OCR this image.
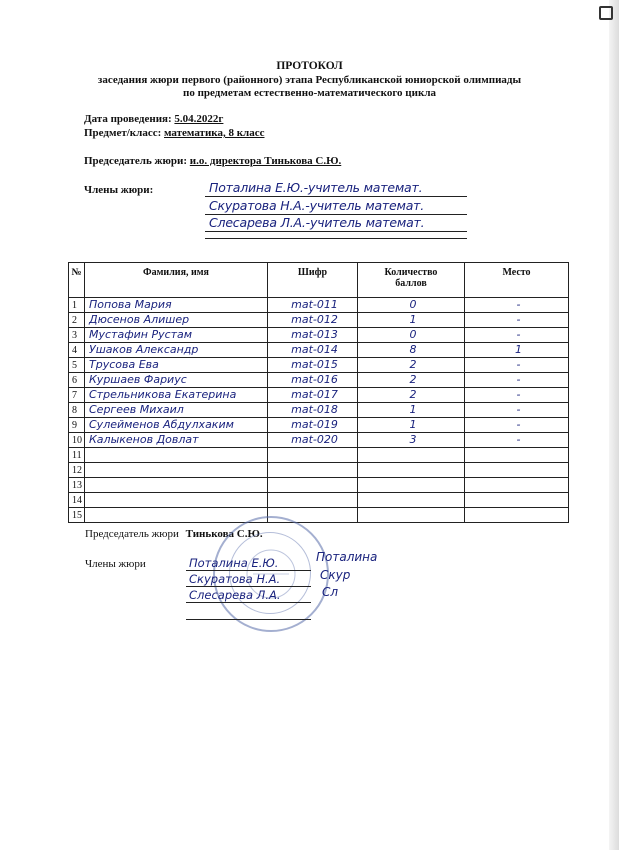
ПРОТОКОЛ
заседания жюри первого (районного) этапа Республиканской юниорской олимпиады
по предметам естественно-математического цикла
Дата проведения: 5.04.2022г
Предмет/класс: математика, 8 класс
Председатель жюри: и.о. директора Тинькова С.Ю.
Члены жюри:	Поталина Е.Ю.-учитель математ.
Скуратова Н.А.-учитель математ.
Слесарева Л.А.-учитель математ.
№	Фамилия, имя	Шифр	Количество
баллов	Место
1	Попова Мария	mat-011	0	-
2	Дюсенов Алишер	mat-012	1	-
3	Мустафин Рустам	mat-013	0	-
4	Ушаков Александр	mat-014	8	1
5	Трусова Ева	mat-015	2	-
6	Куршаев Фариус	mat-016	2	-
7	Стрельникова Екатерина	mat-017	2	-
8	Сергеев Михаил	mat-018	1	-
9	Сулейменов Абдулхаким	mat-019	1	-
10	Калыкенов Довлат	mat-020	3	-
11				
12				
13				
14				
15				
Председатель жюри Тинькова С.Ю.
Члены жюри	Поталина Е.Ю.
Скуратова Н.А.
Слесарева Л.А.
Поталина
Скур
Сл
